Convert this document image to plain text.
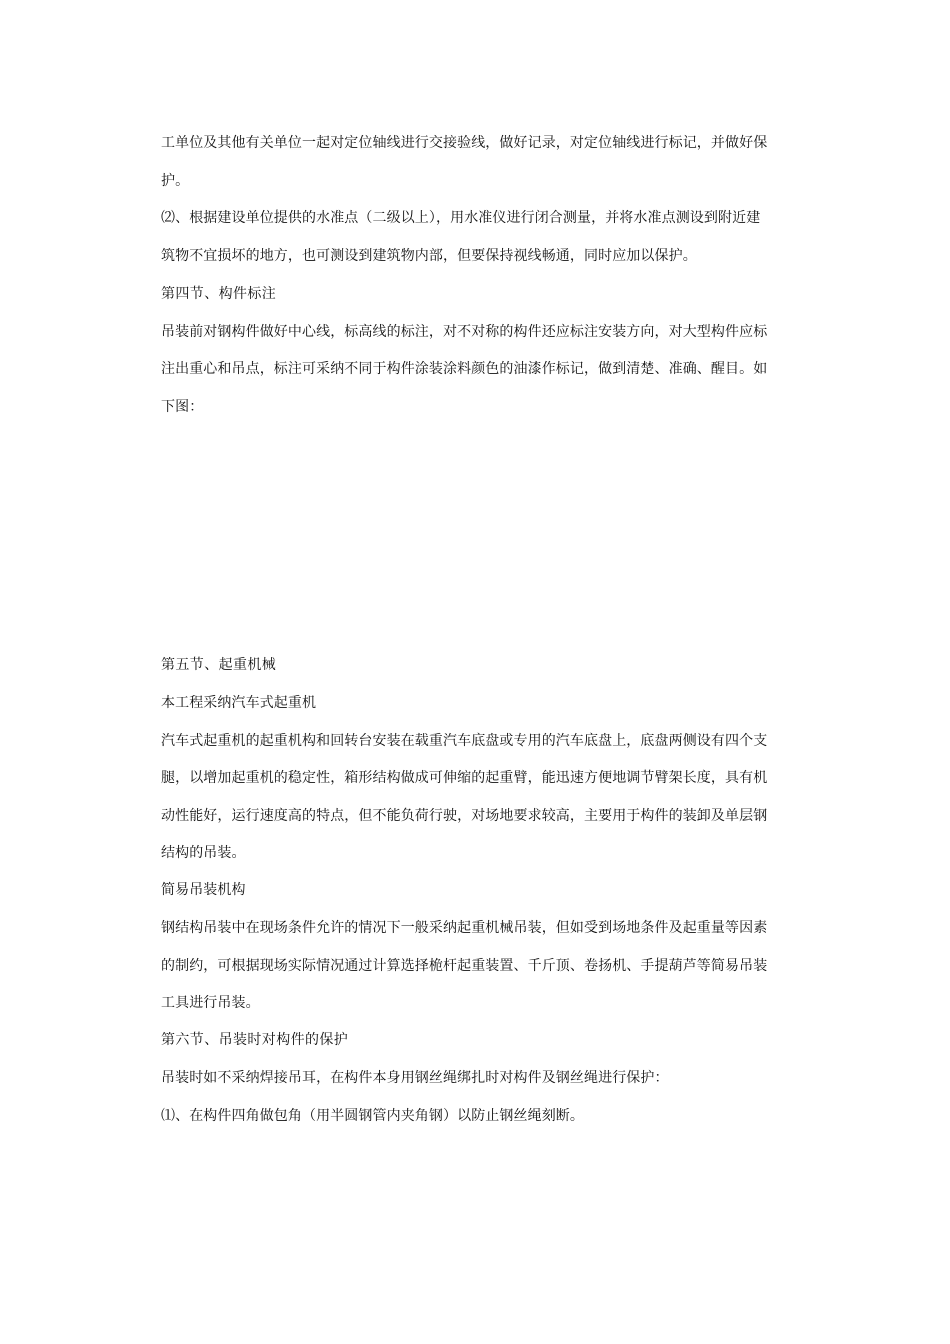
工单位及其他有关单位一起对定位轴线进行交接验线，做好记录，对定位轴线进行标记，并做好保
护。
⑵、根据建设单位提供的水准点（二级以上），用水准仪进行闭合测量，并将水准点测设到附近建
筑物不宜损坏的地方，也可测设到建筑物内部，但要保持视线畅通，同时应加以保护。
第四节、构件标注
吊装前对钢构件做好中心线，标高线的标注，对不对称的构件还应标注安装方向，对大型构件应标
注出重心和吊点，标注可采纳不同于构件涂装涂料颜色的油漆作标记，做到清楚、准确、醒目。如
下图：
第五节、起重机械
本工程采纳汽车式起重机
汽车式起重机的起重机构和回转台安装在载重汽车底盘或专用的汽车底盘上，底盘两侧设有四个支
腿，以增加起重机的稳定性，箱形结构做成可伸缩的起重臂，能迅速方便地调节臂架长度，具有机
动性能好，运行速度高的特点，但不能负荷行驶，对场地要求较高，主要用于构件的装卸及单层钢
结构的吊装。
简易吊装机构
钢结构吊装中在现场条件允许的情况下一般采纳起重机械吊装，但如受到场地条件及起重量等因素
的制约，可根据现场实际情况通过计算选择桅杆起重装置、千斤顶、卷扬机、手提葫芦等简易吊装
工具进行吊装。
第六节、吊装时对构件的保护
吊装时如不采纳焊接吊耳，在构件本身用钢丝绳绑扎时对构件及钢丝绳进行保护：
⑴、在构件四角做包角（用半圆钢管内夹角钢）以防止钢丝绳刻断。
